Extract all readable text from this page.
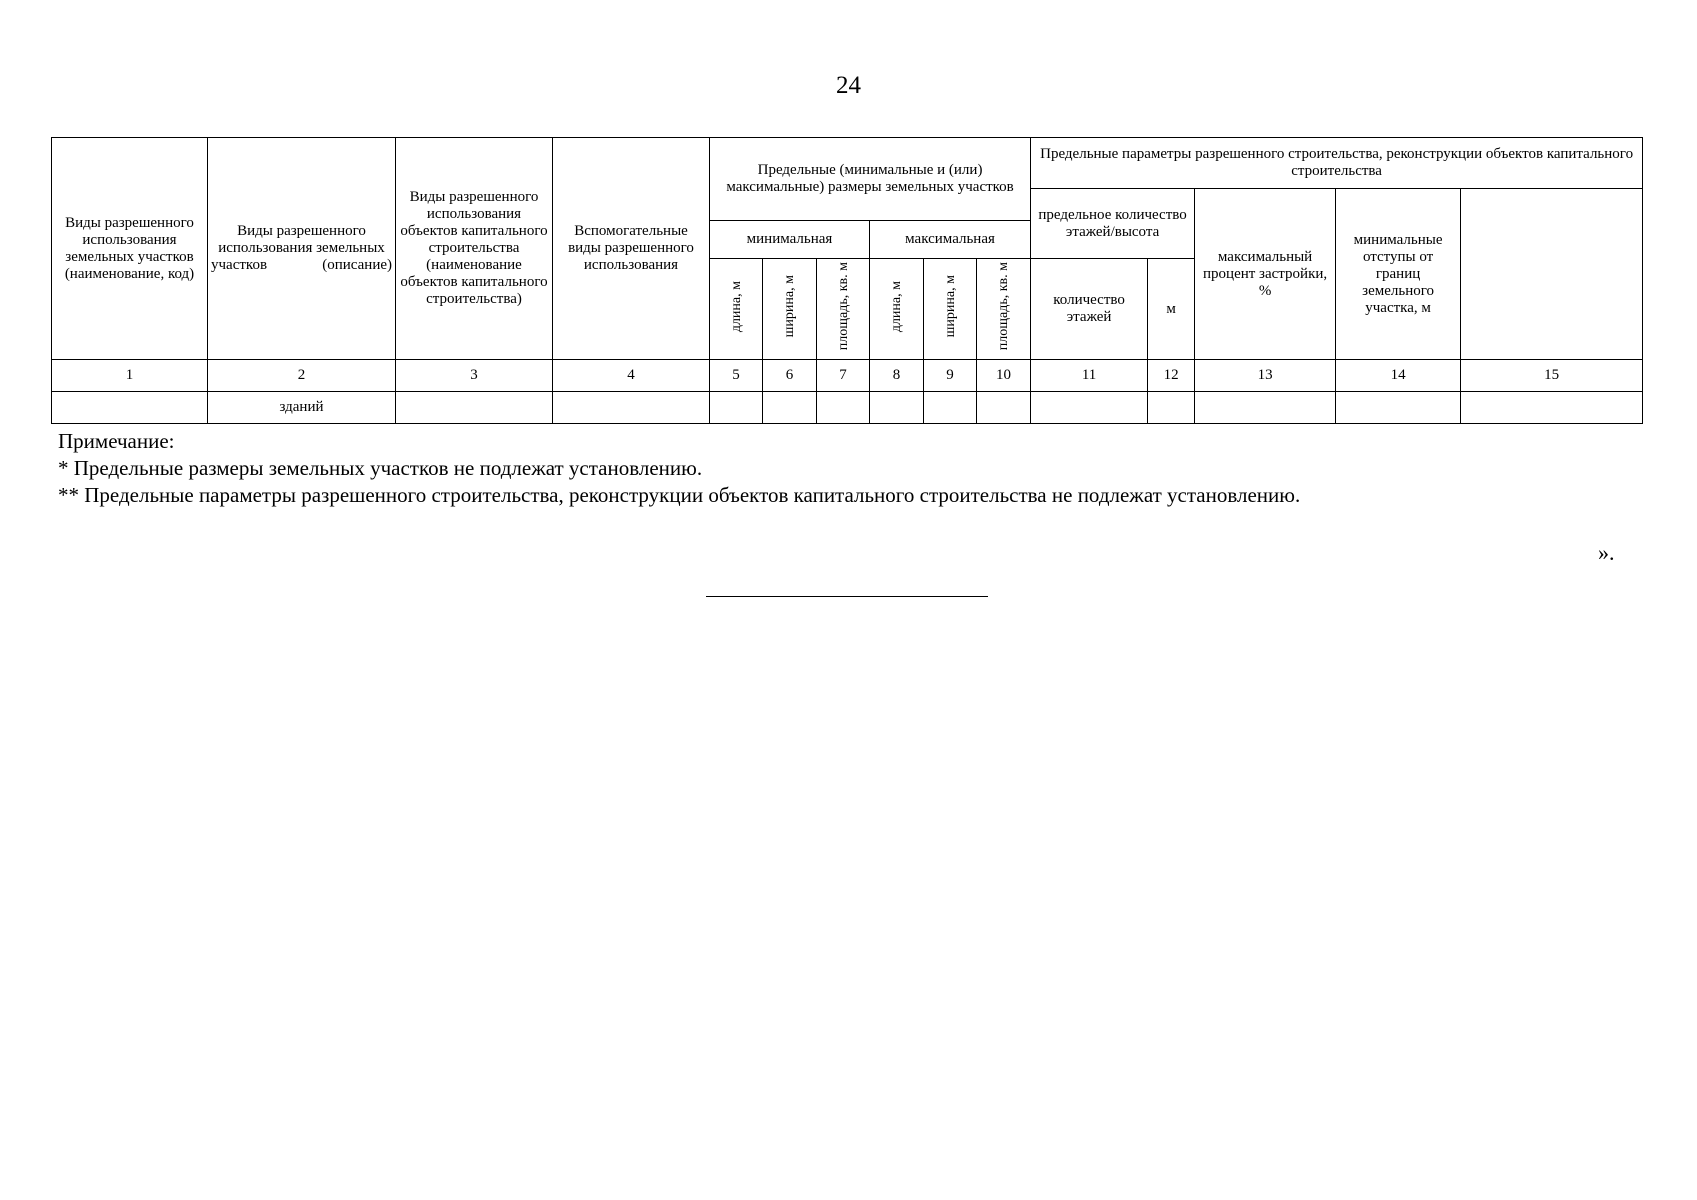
24
Виды разрешенного использования земельных участков (наименование, код)	Виды разрешенного использования земельных участков (описание)	Виды разрешенного использования объектов капитального строительства (наименование объектов капитального строительства)	Вспомогательные виды разрешенного использования	Предельные (минимальные и (или) максимальные) размеры земельных участков						Предельные параметры разрешенного строительства, реконструкции объектов капитального строительства	
										предельное количество этажей/высота		максимальный процент застройки, %	минимальные отступы от границ земельного участка, м		
				минимальная			максимальная								
				длина, м	ширина, м	площадь, кв. м	длина, м	ширина, м	площадь, кв. м	количество этажей	м				
1	2	3	4	5	6	7	8	9	10	11	12	13	14	15	
	зданий														
Примечание:
* Предельные размеры земельных участков не подлежат установлению.
** Предельные параметры разрешенного строительства, реконструкции объектов капитального строительства не подлежат установлению.
».
